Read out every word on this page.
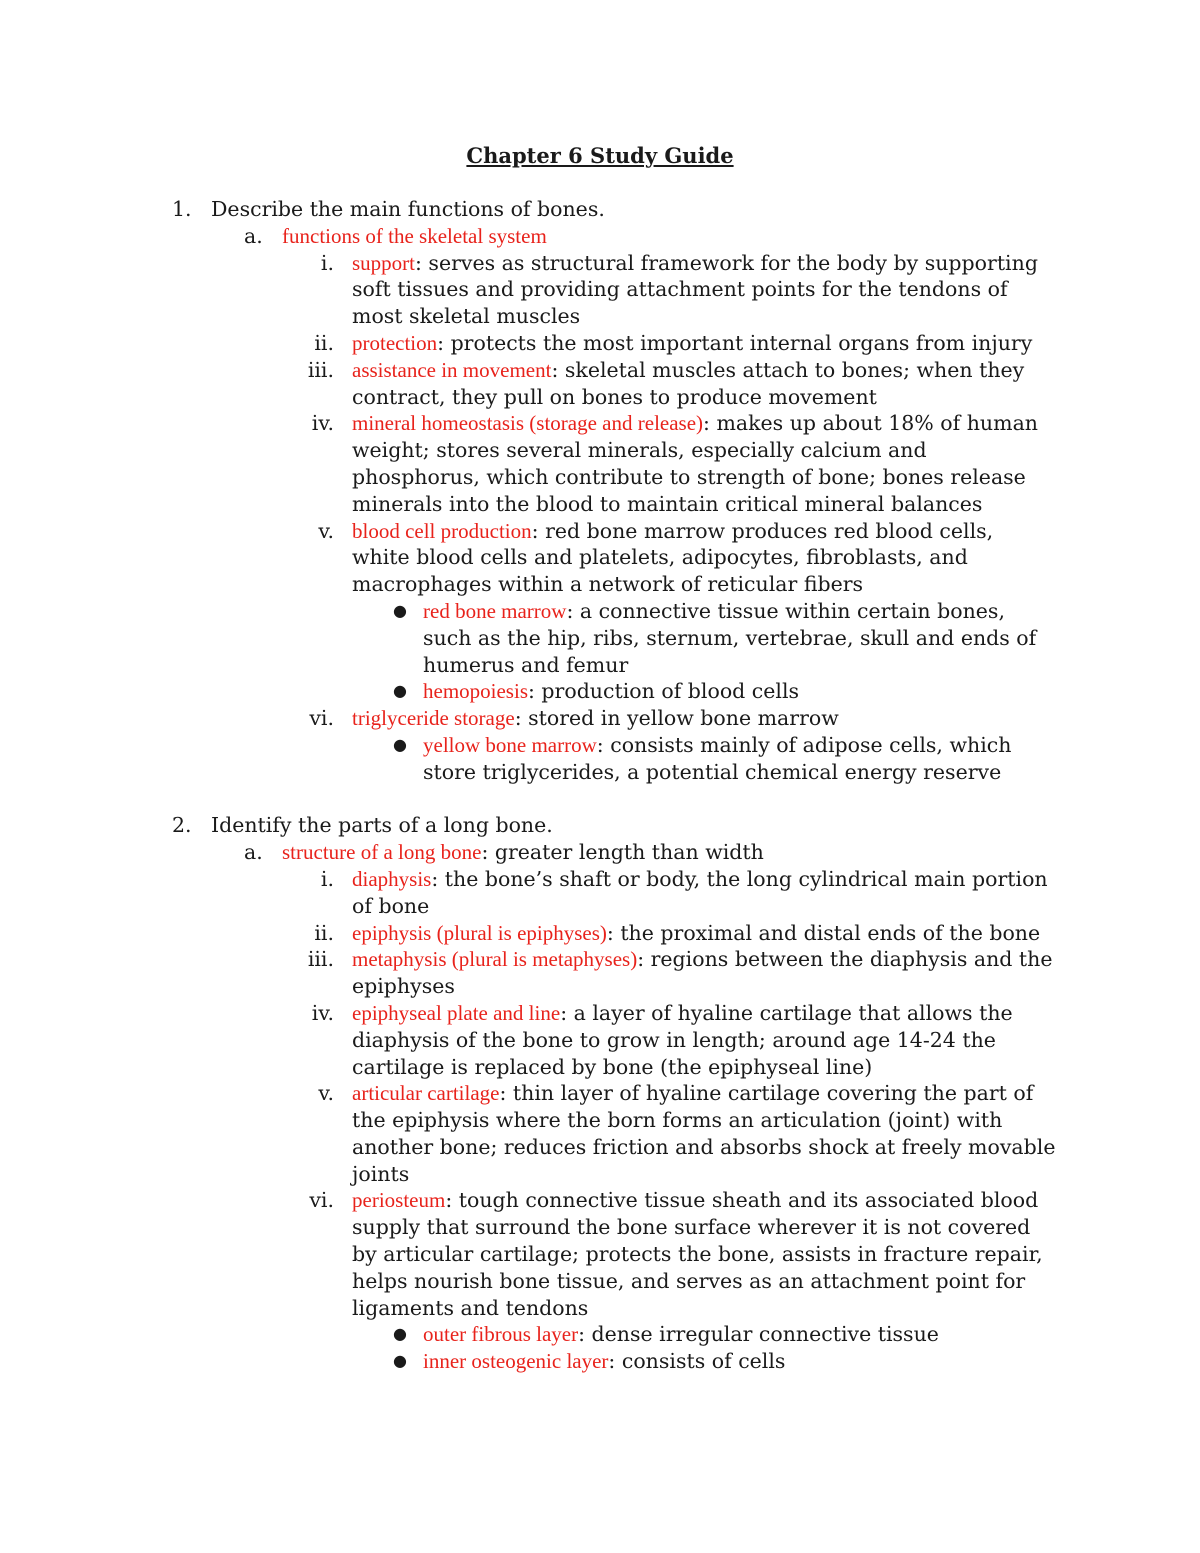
Chapter 6 Study Guide
1. Describe the main functions of bones.
a. functions of the skeletal system
i. support: serves as structural framework for the body by supporting soft tissues and providing attachment points for the tendons of most skeletal muscles
ii. protection: protects the most important internal organs from injury
iii. assistance in movement: skeletal muscles attach to bones; when they contract, they pull on bones to produce movement
iv. mineral homeostasis (storage and release): makes up about 18% of human weight; stores several minerals, especially calcium and phosphorus, which contribute to strength of bone; bones release minerals into the blood to maintain critical mineral balances
v. blood cell production: red bone marrow produces red blood cells, white blood cells and platelets, adipocytes, fibroblasts, and macrophages within a network of reticular fibers
● red bone marrow: a connective tissue within certain bones, such as the hip, ribs, sternum, vertebrae, skull and ends of humerus and femur
● hemopoiesis: production of blood cells
vi. triglyceride storage: stored in yellow bone marrow
● yellow bone marrow: consists mainly of adipose cells, which store triglycerides, a potential chemical energy reserve
2. Identify the parts of a long bone.
a. structure of a long bone: greater length than width
i. diaphysis: the bone’s shaft or body, the long cylindrical main portion of bone
ii. epiphysis (plural is epiphyses): the proximal and distal ends of the bone
iii. metaphysis (plural is metaphyses): regions between the diaphysis and the epiphyses
iv. epiphyseal plate and line: a layer of hyaline cartilage that allows the diaphysis of the bone to grow in length; around age 14-24 the cartilage is replaced by bone (the epiphyseal line)
v. articular cartilage: thin layer of hyaline cartilage covering the part of the epiphysis where the born forms an articulation (joint) with another bone; reduces friction and absorbs shock at freely movable joints
vi. periosteum: tough connective tissue sheath and its associated blood supply that surround the bone surface wherever it is not covered by articular cartilage; protects the bone, assists in fracture repair, helps nourish bone tissue, and serves as an attachment point for ligaments and tendons
● outer fibrous layer: dense irregular connective tissue
● inner osteogenic layer: consists of cells
